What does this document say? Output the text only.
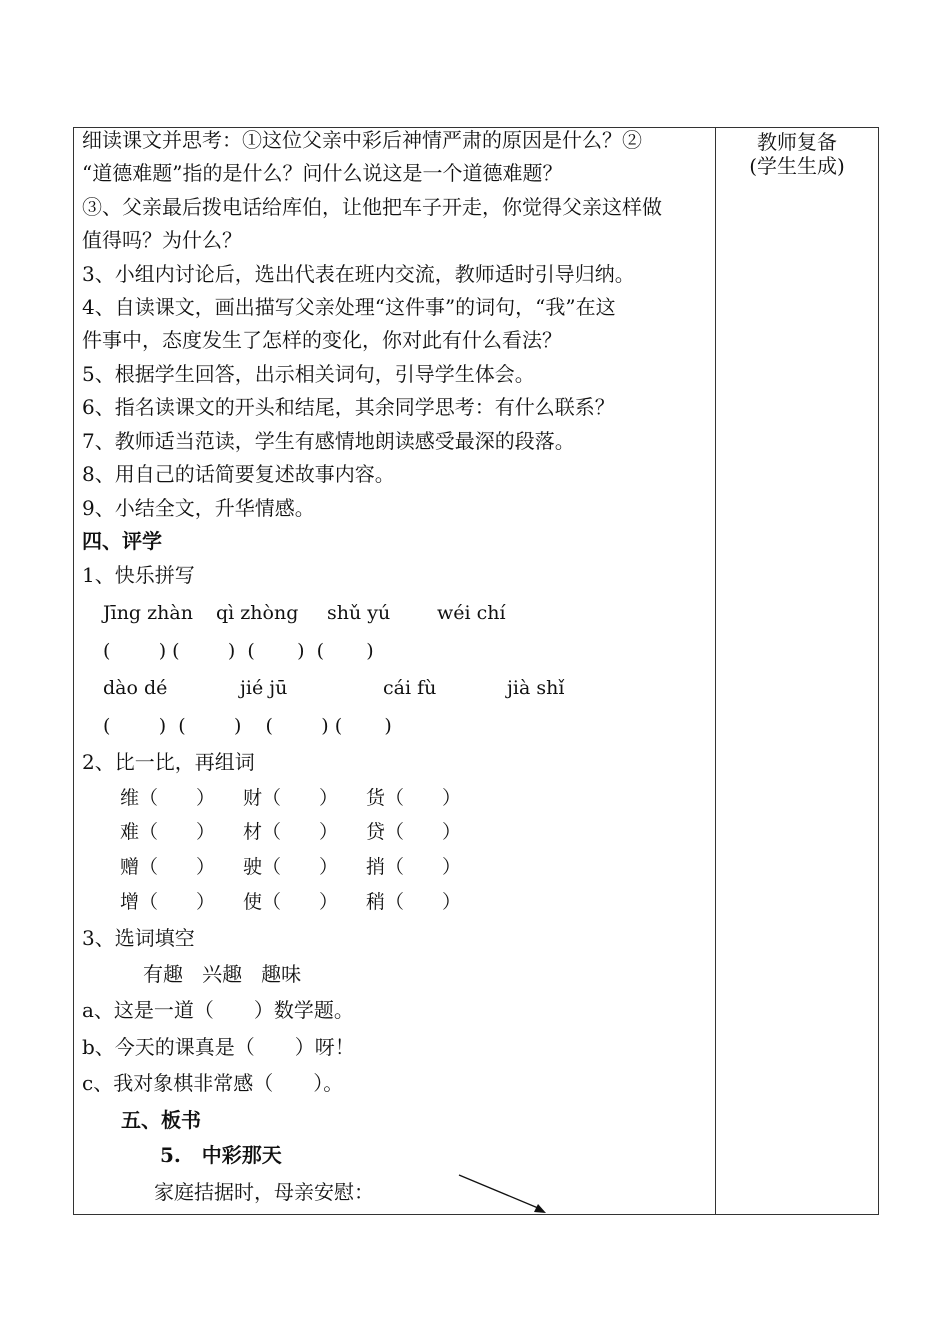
教师复备
(学生生成)
细读课文并思考：①这位父亲中彩后神情严肃的原因是什么？②
“道德难题”指的是什么？问什么说这是一个道德难题？
③、父亲最后拨电话给库伯，让他把车子开走，你觉得父亲这样做
值得吗？为什么？
3、小组内讨论后，选出代表在班内交流，教师适时引导归纳。
4、自读课文，画出描写父亲处理“这件事”的词句，“我”在这
件事中，态度发生了怎样的变化，你对此有什么看法？
5、根据学生回答，出示相关词句，引导学生体会。
6、指名读课文的开头和结尾，其余同学思考：有什么联系？
7、教师适当范读，学生有感情地朗读感受最深的段落。
8、用自己的话简要复述故事内容。
9、小结全文，升华情感。
四、评学
1、快乐拼写
Jīng zhàn qì zhòng shǔ yú wéi chí
(        ) (        )  (       )  (       )
dào dé	jié jū	cái fù	jià shǐ
(        )  (        )    (        ) (       )
2、比一比，再组词
维（　　） 财（　　） 货（　　）
难（　　） 材（　　） 贷（　　）
赠（　　） 驶（　　） 捎（　　）
增（　　） 使（　　） 稍（　　）
3、选词填空
有趣   兴趣   趣味
a、这是一道（　　）数学题。
b、今天的课真是（　　）呀！
c、我对象棋非常感（　　）。
五、板书
5.   中彩那天
家庭拮据时，母亲安慰：
